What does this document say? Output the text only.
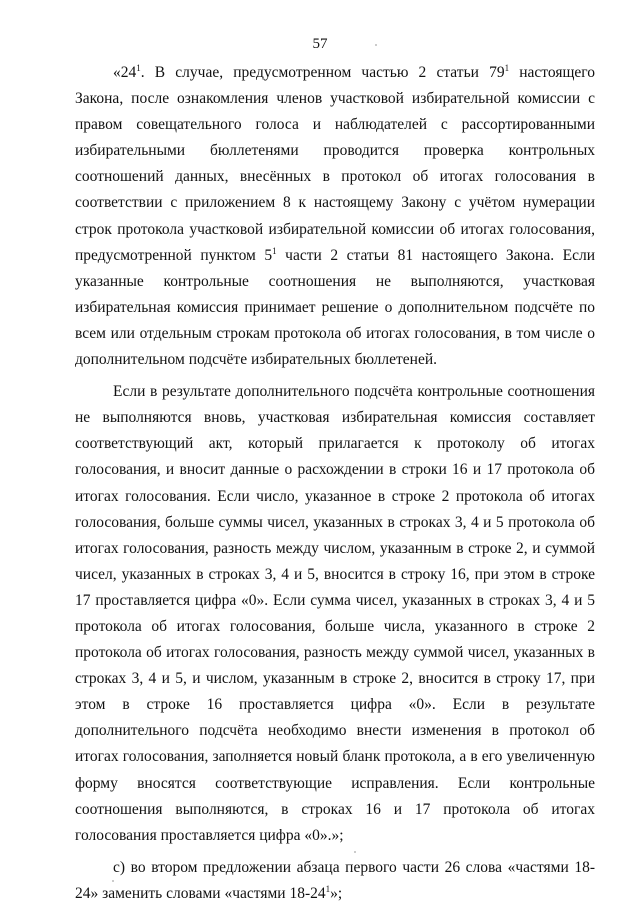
57

«$24^1$. В случае, предусмотренном частью 2 статьи $79^1$ настоящего Закона, после ознакомления членов участковой избирательной комиссии с правом совещательного голоса и наблюдателей с рассортированными избирательными бюллетенями проводится проверка контрольных соотношений данных, внесённых в протокол об итогах голосования в соответствии с приложением 8 к настоящему Закону с учётом нумерации строк протокола участковой избирательной комиссии об итогах голосования, предусмотренной пунктом $5^1$ части 2 статьи 81 настоящего Закона. Если указанные контрольные соотношения не выполняются, участковая избирательная комиссия принимает решение о дополнительном подсчёте по всем или отдельным строкам протокола об итогах голосования, в том числе о дополнительном подсчёте избирательных бюллетеней.

Если в результате дополнительного подсчёта контрольные соотношения не выполняются вновь, участковая избирательная комиссия составляет соответствующий акт, который прилагается к протоколу об итогах голосования, и вносит данные о расхождении в строки 16 и 17 протокола об итогах голосования. Если число, указанное в строке 2 протокола об итогах голосования, больше суммы чисел, указанных в строках 3, 4 и 5 протокола об итогах голосования, разность между числом, указанным в строке 2, и суммой чисел, указанных в строках 3, 4 и 5, вносится в строку 16, при этом в строке 17 проставляется цифра «0». Если сумма чисел, указанных в строках 3, 4 и 5 протокола об итогах голосования, больше числа, указанного в строке 2 протокола об итогах голосования, разность между суммой чисел, указанных в строках 3, 4 и 5, и числом, указанным в строке 2, вносится в строку 17, при этом в строке 16 проставляется цифра «0». Если в результате дополнительного подсчёта необходимо внести изменения в протокол об итогах голосования, заполняется новый бланк протокола, а в его увеличенную форму вносятся соответствующие исправления. Если контрольные соотношения выполняются, в строках 16 и 17 протокола об итогах голосования проставляется цифра «0».»;

с) во втором предложении абзаца первого части 26 слова «частями 18-24» заменить словами «частями $18-24^1$»;
